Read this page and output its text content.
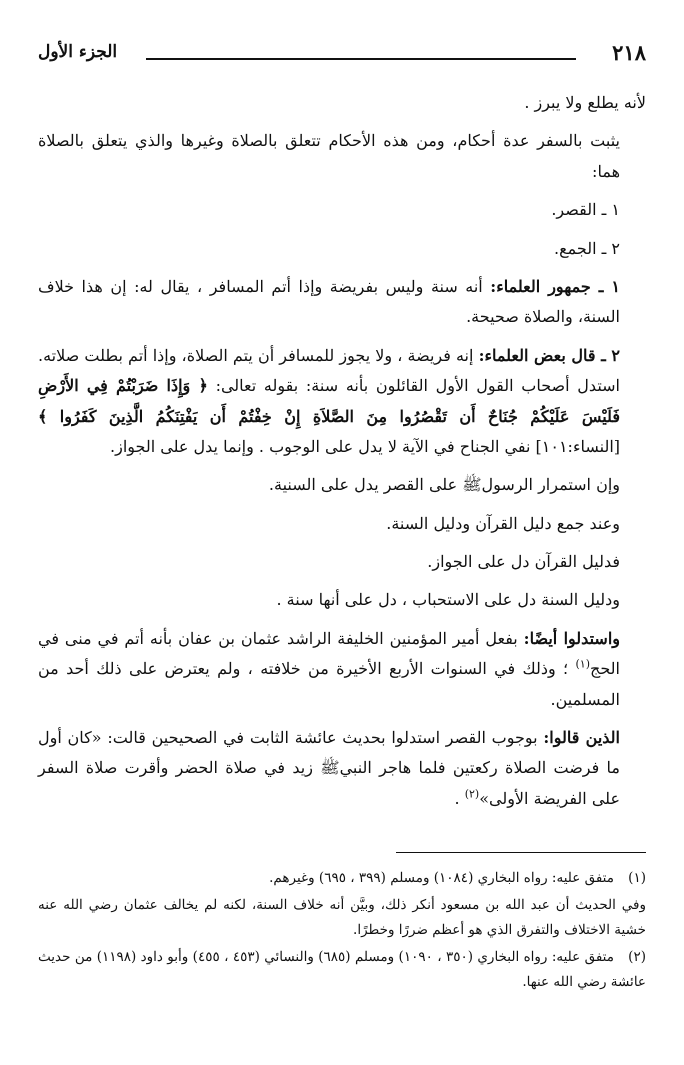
٢١٨
الجزء الأول

لأنه يطلع ولا يبرز .

يثبت بالسفر عدة أحكام، ومن هذه الأحكام تتعلق بالصلاة وغيرها والذي يتعلق بالصلاة هما:

١ ـ القصر.

٢ ـ الجمع.

١ ـ جمهور العلماء: أنه سنة وليس بفريضة وإذا أتم المسافر ، يقال له: إن هذا خلاف السنة، والصلاة صحيحة.

٢ ـ قال بعض العلماء: إنه فريضة ، ولا يجوز للمسافر أن يتم الصلاة، وإذا أتم بطلت صلاته. استدل أصحاب القول الأول القائلون بأنه سنة: بقوله تعالى: ﴿ وَإِذَا ضَرَبْتُمْ فِي الأَرْضِ فَلَيْسَ عَلَيْكُمْ جُنَاحٌ أَن تَقْصُرُوا مِنَ الصَّلاَةِ إِنْ خِفْتُمْ أَن يَفْتِنَكُمُ الَّذِينَ كَفَرُوا ﴾ [النساء:١٠١] نفي الجناح في الآية لا يدل على الوجوب . وإنما يدل على الجواز.

وإن استمرار الرسولﷺ على القصر يدل على السنية.

وعند جمع دليل القرآن ودليل السنة.

فدليل القرآن دل على الجواز.

ودليل السنة دل على الاستحباب ، دل على أنها سنة .

واستدلوا أيضًا: بفعل أمير المؤمنين الخليفة الراشد عثمان بن عفان بأنه أتم في منى في الحج$^{(١)}$ ؛ وذلك في السنوات الأربع الأخيرة من خلافته ، ولم يعترض على ذلك أحد من المسلمين.

الذين قالوا: بوجوب القصر استدلوا بحديث عائشة الثابت في الصحيحين قالت: «كان أول ما فرضت الصلاة ركعتين فلما هاجر النبيﷺ زيد في صلاة الحضر وأقرت صلاة السفر على الفريضة الأولى»$^{(٢)}$ .

(١)متفق عليه: رواه البخاري (١٠٨٤) ومسلم (٣٩٩ ، ٦٩٥) وغيرهم.

وفي الحديث أن عبد الله بن مسعود أنكر ذلك، وبيَّن أنه خلاف السنة، لكنه لم يخالف عثمان رضي الله عنه خشية الاختلاف والتفرق الذي هو أعظم ضررًا وخطرًا.

(٢)متفق عليه: رواه البخاري (٣٥٠ ، ١٠٩٠) ومسلم (٦٨٥) والنسائي (٤٥٣ ، ٤٥٥) وأبو داود (١١٩٨) من حديث عائشة رضي الله عنها.
